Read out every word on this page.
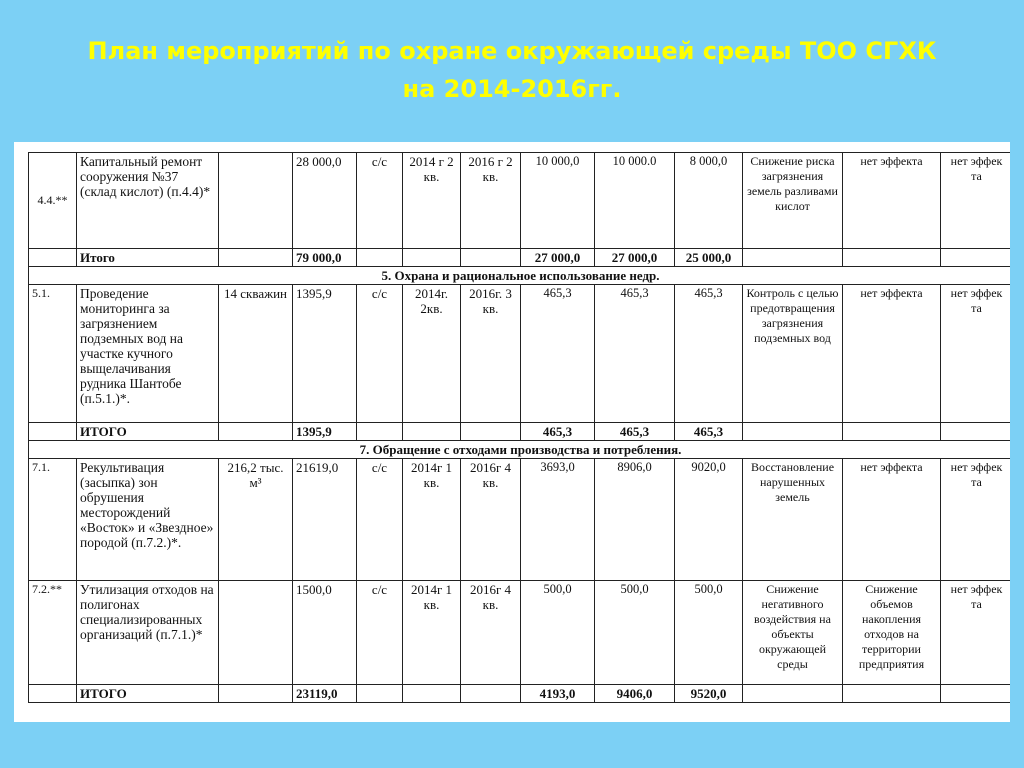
План мероприятий по охране окружающей среды ТОО СГХК
на 2014-2016гг.
4.4.**	Капитальный ремонт сооружения №37 (склад кислот) (п.4.4)*		28 000,0	с/с	2014 г 2 кв.	2016 г 2 кв.	10 000,0	10 000.0	8 000,0	Снижение риска загрязнения земель разливами кислот	нет эффекта	нет эффек та
	Итого		79 000,0				27 000,0	27 000,0	25 000,0			
5. Охрана и рациональное использование недр.												
5.1.	Проведение мониторинга за загрязнением подземных вод на участке кучного выщелачивания рудника Шантобе (п.5.1.)*.	14 скважин	1395,9	с/с	2014г. 2кв.	2016г. 3 кв.	465,3	465,3	465,3	Контроль с целью предотвращения загрязнения подземных вод	нет эффекта	нет эффек та
	ИТОГО		1395,9				465,3	465,3	465,3			
7. Обращение с отходами производства и потребления.												
7.1.	Рекультивация (засыпка) зон обрушения месторождений «Восток» и «Звездное» породой (п.7.2.)*.	216,2 тыс. м³	21619,0	с/с	2014г 1 кв.	2016г 4 кв.	3693,0	8906,0	9020,0	Восстановление нарушенных земель	нет эффекта	нет эффек та
7.2.**	Утилизация отходов на полигонах специализированных организаций (п.7.1.)*		1500,0	с/с	2014г 1 кв.	2016г 4 кв.	500,0	500,0	500,0	Снижение негативного воздействия на объекты окружающей среды	Снижение объемов накопления отходов на территории предприятия	нет эффек та
	ИТОГО		23119,0				4193,0	9406,0	9520,0			
